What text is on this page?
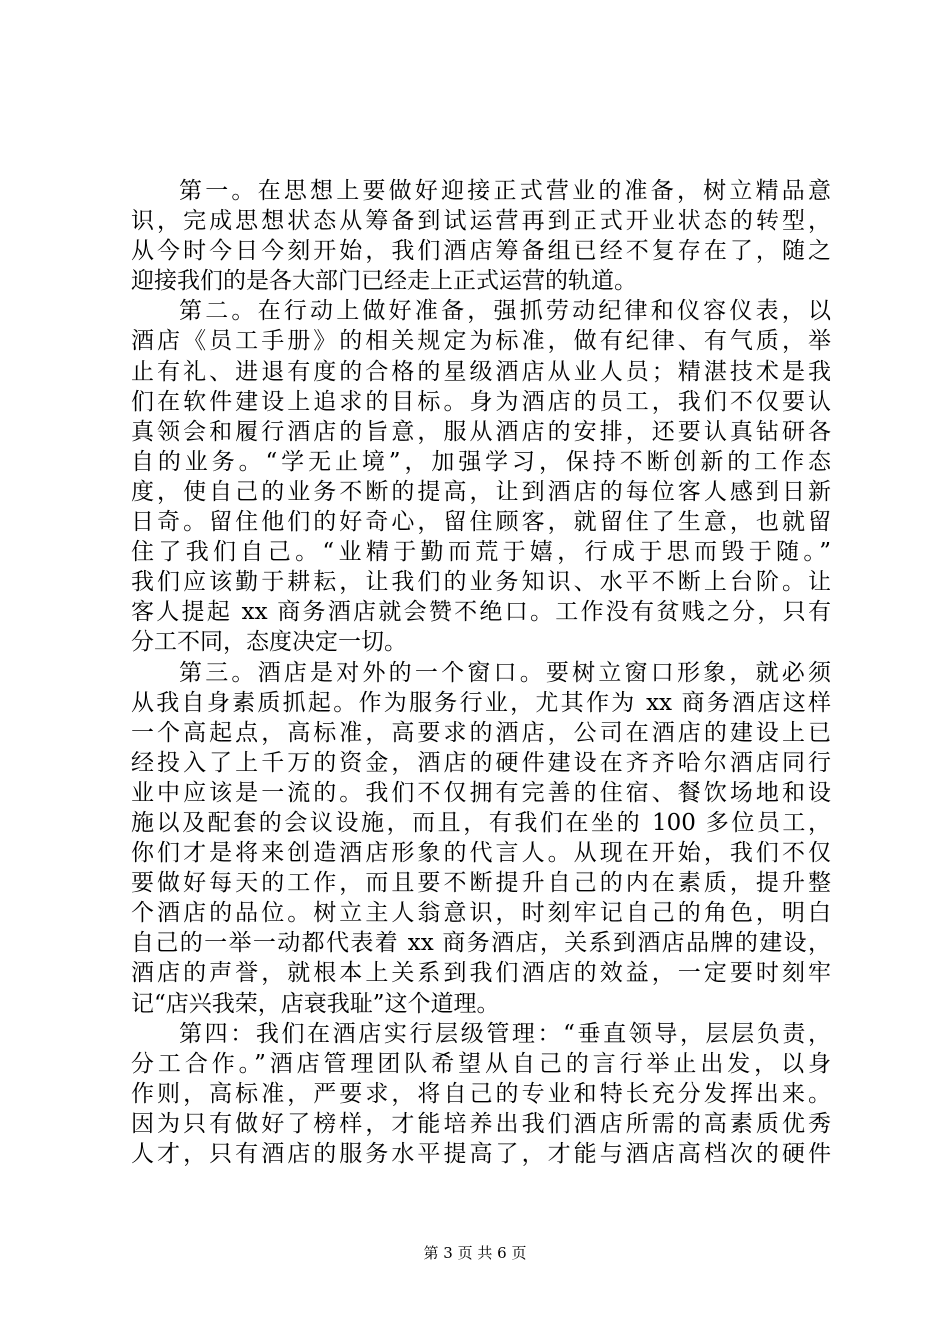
第一。在思想上要做好迎接正式营业的准备，树立精品意
识，完成思想状态从筹备到试运营再到正式开业状态的转型，
从今时今日今刻开始，我们酒店筹备组已经不复存在了，随之
迎接我们的是各大部门已经走上正式运营的轨道。
第二。在行动上做好准备，强抓劳动纪律和仪容仪表，以
酒店《员工手册》的相关规定为标准，做有纪律、有气质，举
止有礼、进退有度的合格的星级酒店从业人员；精湛技术是我
们在软件建设上追求的目标。身为酒店的员工，我们不仅要认
真领会和履行酒店的旨意，服从酒店的安排，还要认真钻研各
自的业务。“学无止境”，加强学习，保持不断创新的工作态
度，使自己的业务不断的提高，让到酒店的每位客人感到日新
日奇。留住他们的好奇心，留住顾客，就留住了生意，也就留
住了我们自己。“业精于勤而荒于嬉，行成于思而毁于随。”
我们应该勤于耕耘，让我们的业务知识、水平不断上台阶。让
客人提起 xx 商务酒店就会赞不绝口。工作没有贫贱之分，只有
分工不同，态度决定一切。
第三。酒店是对外的一个窗口。要树立窗口形象，就必须
从我自身素质抓起。作为服务行业，尤其作为 xx 商务酒店这样
一个高起点，高标准，高要求的酒店，公司在酒店的建设上已
经投入了上千万的资金，酒店的硬件建设在齐齐哈尔酒店同行
业中应该是一流的。我们不仅拥有完善的住宿、餐饮场地和设
施以及配套的会议设施，而且，有我们在坐的 100 多位员工，
你们才是将来创造酒店形象的代言人。从现在开始，我们不仅
要做好每天的工作，而且要不断提升自己的内在素质，提升整
个酒店的品位。树立主人翁意识，时刻牢记自己的角色，明白
自己的一举一动都代表着 xx 商务酒店，关系到酒店品牌的建设，
酒店的声誉，就根本上关系到我们酒店的效益，一定要时刻牢
记“店兴我荣，店衰我耻”这个道理。
第四：我们在酒店实行层级管理：“垂直领导，层层负责，
分工合作。”酒店管理团队希望从自己的言行举止出发，以身
作则，高标准，严要求，将自己的专业和特长充分发挥出来。
因为只有做好了榜样，才能培养出我们酒店所需的高素质优秀
人才，只有酒店的服务水平提高了，才能与酒店高档次的硬件
第 3 页 共 6 页
